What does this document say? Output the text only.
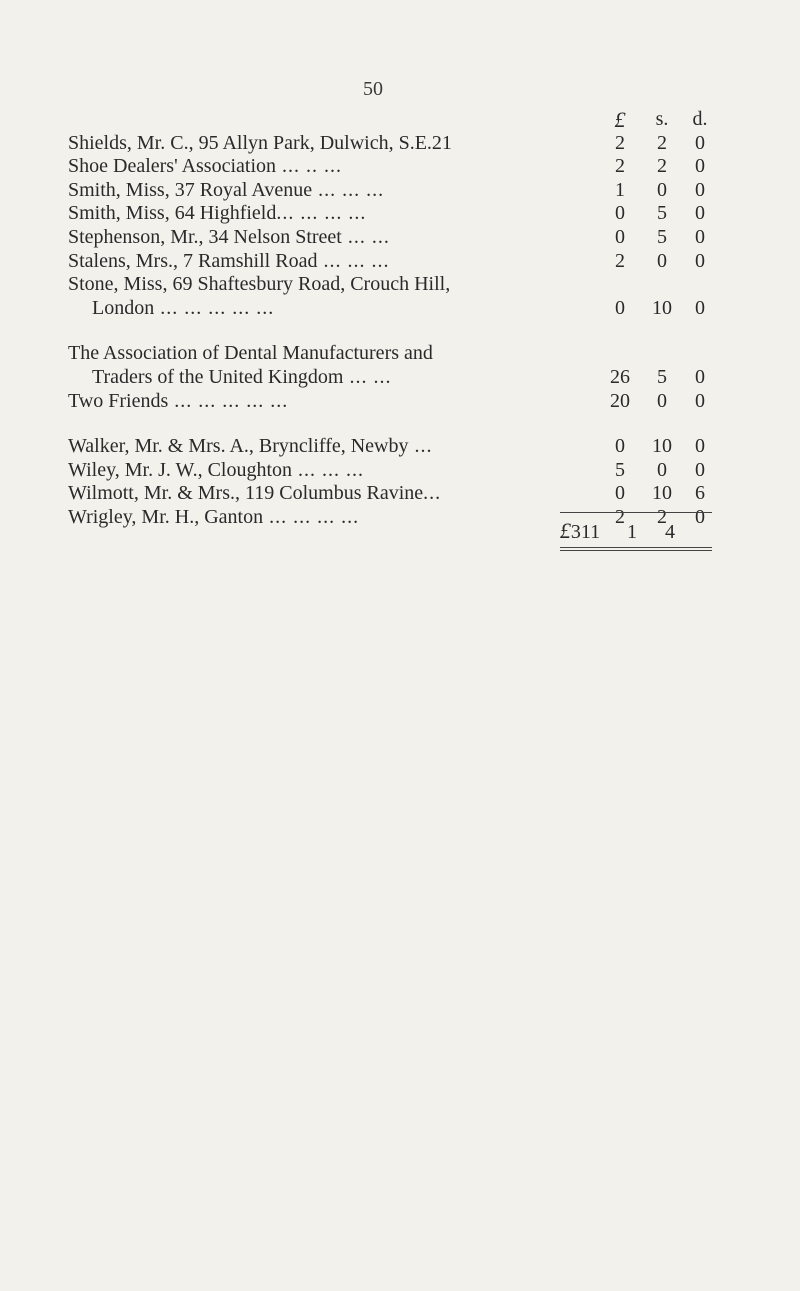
50
£	s.	d.
Shields, Mr. C., 95 Allyn Park, Dulwich, S.E.21	2	2	0
Shoe Dealers' Association ... .. ...	2	2	0
Smith, Miss, 37 Royal Avenue ... ... ...	1	0	0
Smith, Miss, 64 Highfield... ... ... ...	0	5	0
Stephenson, Mr., 34 Nelson Street ... ...	0	5	0
Stalens, Mrs., 7 Ramshill Road ... ... ...	2	0	0
Stone, Miss, 69 Shaftesbury Road, Crouch Hill,
London ... ... ... ... ...	0	10	0
The Association of Dental Manufacturers and
Traders of the United Kingdom ... ...	26	5	0
Two Friends ... ... ... ... ...	20	0	0
Walker, Mr. & Mrs. A., Bryncliffe, Newby ...	0	10	0
Wiley, Mr. J. W., Cloughton ... ... ...	5	0	0
Wilmott, Mr. & Mrs., 119 Columbus Ravine...	0	10	6
Wrigley, Mr. H., Ganton ... ... ... ...	2	2	0
£311	1	4
